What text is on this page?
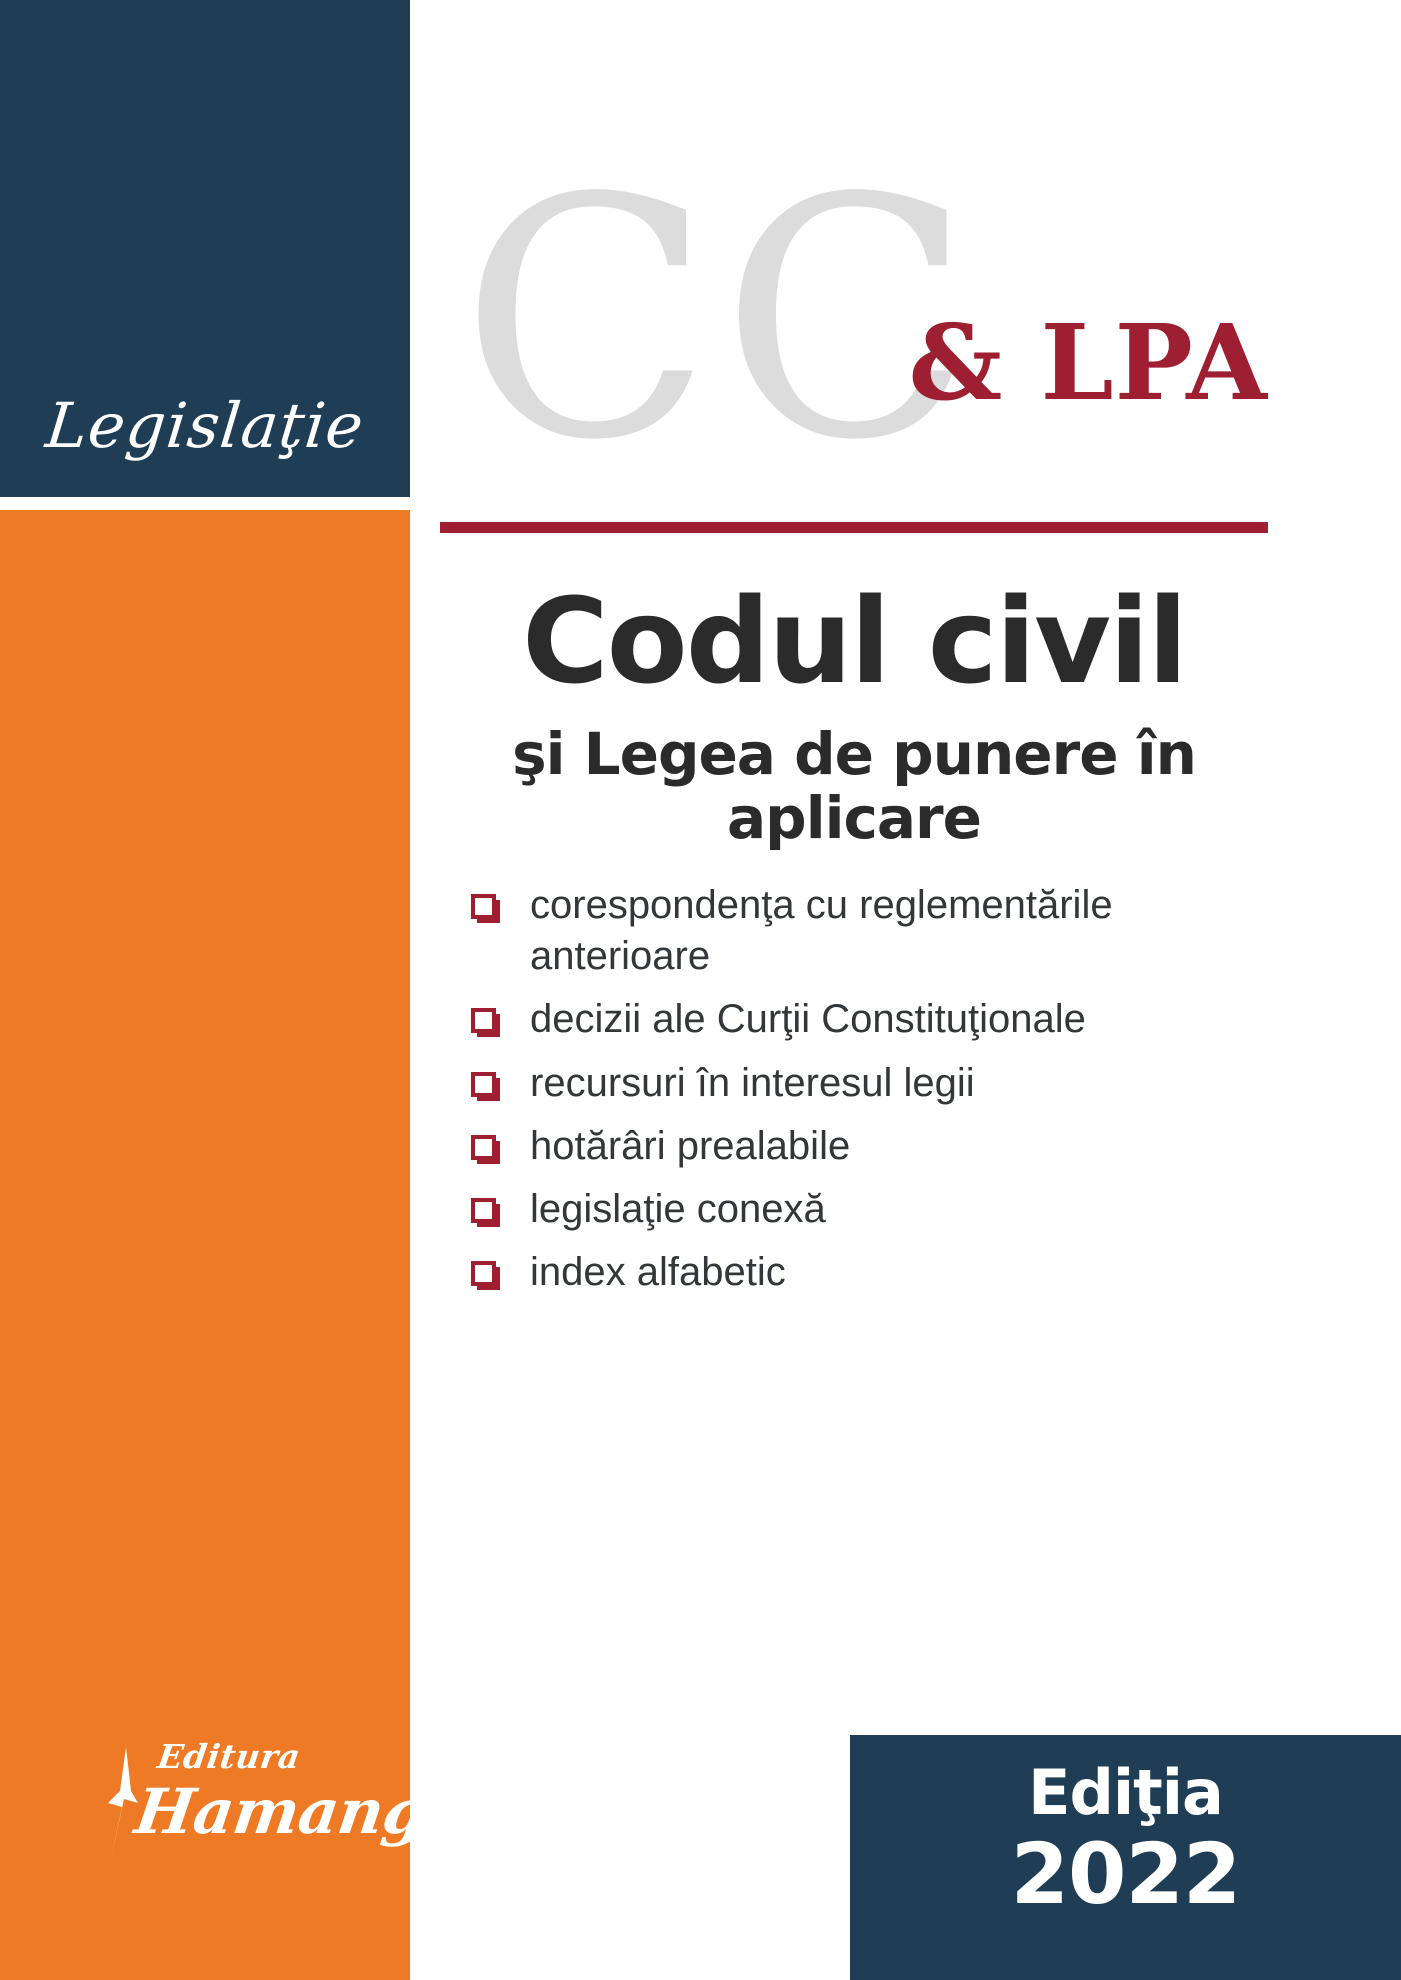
Legislaţie
Editura
Hamangiu
CC
& LPA
Codul civil
şi Legea de punere în aplicare
corespondenţa cu reglementările anterioare
decizii ale Curţii Constituţionale
recursuri în interesul legii
hotărâri prealabile
legislaţie conexă
index alfabetic
Ediţia
2022
